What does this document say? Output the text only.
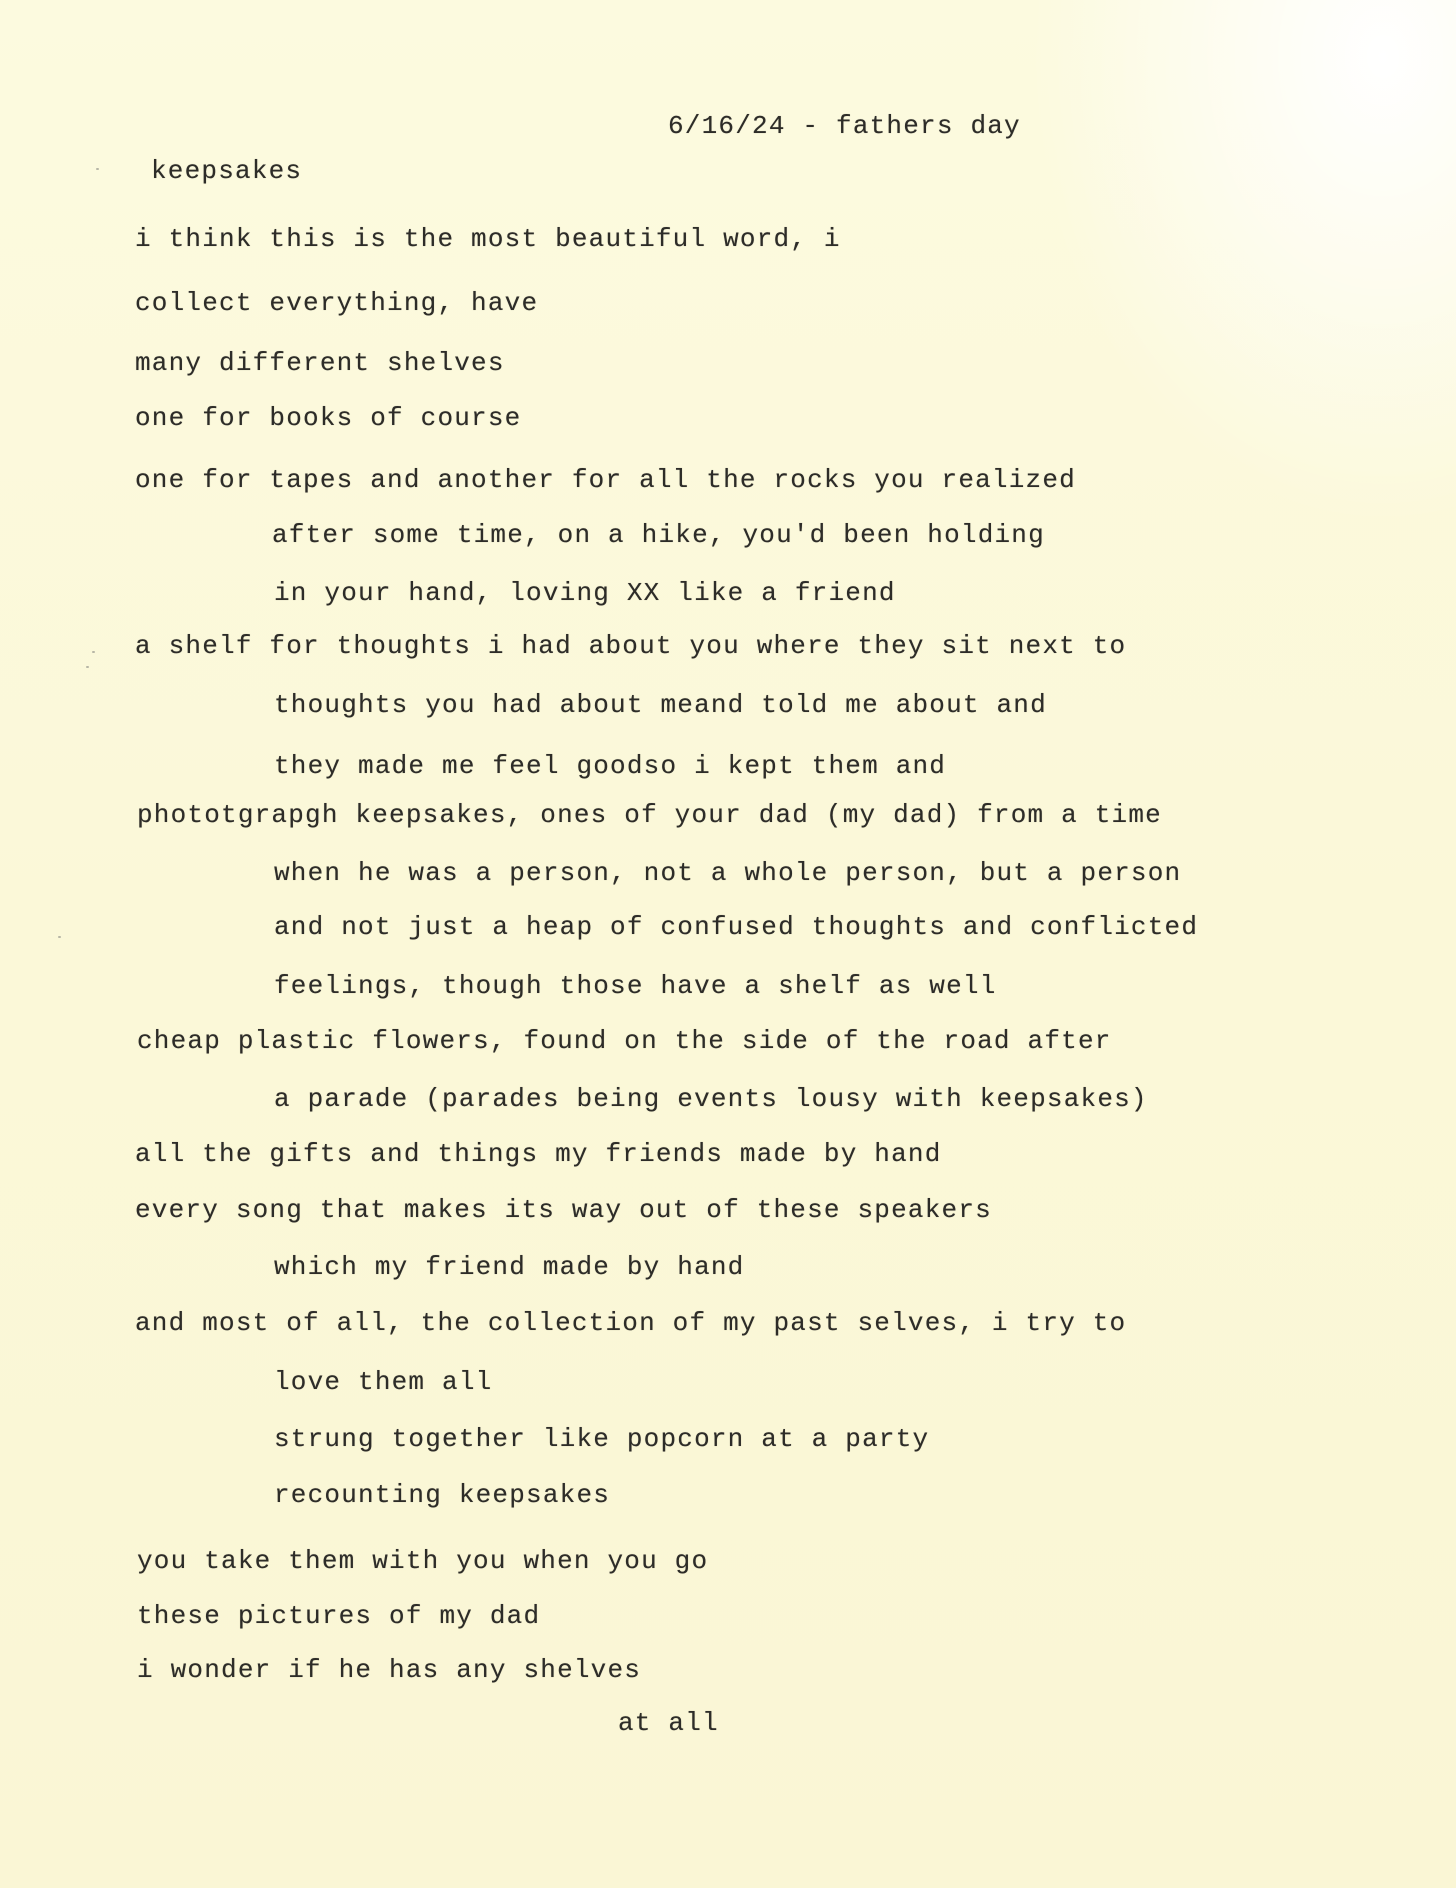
6/16/24 - fathers day
keepsakes
i think this is the most beautiful word, i
collect everything, have
many different shelves
one for books of course
one for tapes and another for all the rocks you realized
after some time, on a hike, you'd been holding
in your hand, loving XX like a friend
a shelf for thoughts i had about you where they sit next to
thoughts you had about meand told me about and
they made me feel goodso i kept them and
phototgrapgh keepsakes, ones of your dad (my dad) from a time
when he was a person, not a whole person, but a person
and not just a heap of confused thoughts and conflicted
feelings, though those have a shelf as well
cheap plastic flowers, found on the side of the road after
a parade (parades being events lousy with keepsakes)
all the gifts and things my friends made by hand
every song that makes its way out of these speakers
which my friend made by hand
and most of all, the collection of my past selves, i try to
love them all
strung together like popcorn at a party
recounting keepsakes
you take them with you when you go
these pictures of my dad
i wonder if he has any shelves
at all
